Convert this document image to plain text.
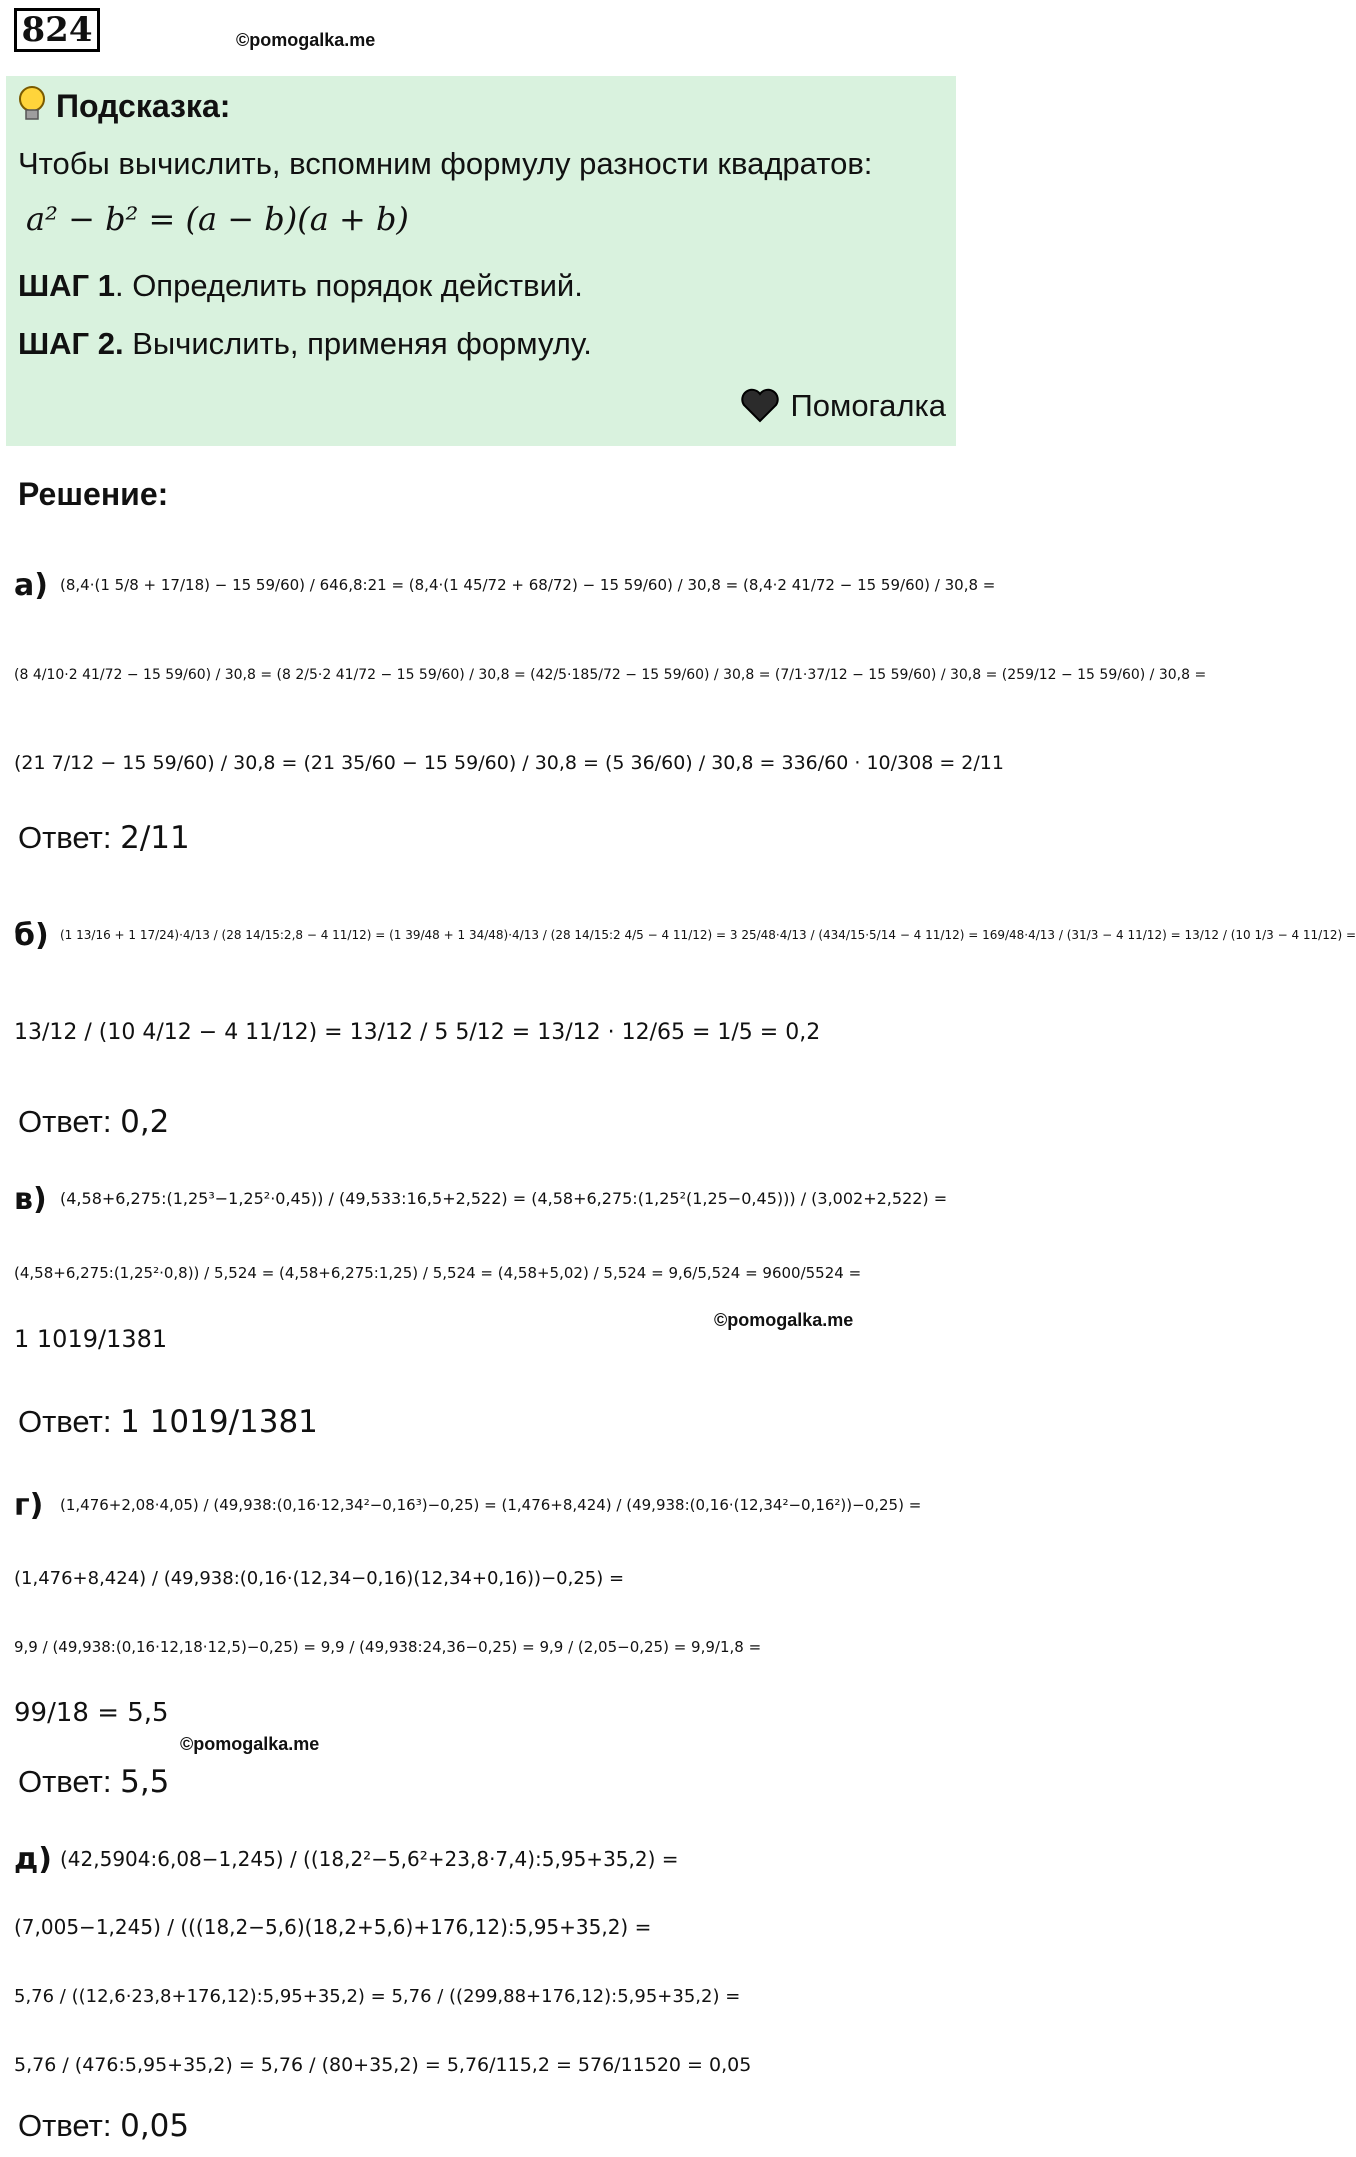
824	©pomogalka.me
Подсказка:
Чтобы вычислить, вспомним формулу разности квадратов:
a² − b² = (a − b)(a + b)
ШАГ 1. Определить порядок действий.
ШАГ 2. Вычислить, применяя формулу.
Помогалка
Решение:
а) (8,4·(1 5/8 + 17/18) − 15 59/60) / 646,8:21 = (8,4·(1 45/72 + 68/72) − 15 59/60) / 30,8 = (8,4·2 41/72 − 15 59/60) / 30,8 =
(8 4/10·2 41/72 − 15 59/60) / 30,8 = (8 2/5·2 41/72 − 15 59/60) / 30,8 = (42/5·185/72 − 15 59/60) / 30,8 = (7/1·37/12 − 15 59/60) / 30,8 = (259/12 − 15 59/60) / 30,8 =
(21 7/12 − 15 59/60) / 30,8 = (21 35/60 − 15 59/60) / 30,8 = (5 36/60) / 30,8 = 336/60 · 10/308 = 2/11
Ответ: 2/11
б) (1 13/16 + 1 17/24)·4/13 / (28 14/15:2,8 − 4 11/12) = (1 39/48 + 1 34/48)·4/13 / (28 14/15:2 4/5 − 4 11/12) = 3 25/48·4/13 / (434/15·5/14 − 4 11/12) = 169/48·4/13 / (31/3 − 4 11/12) = 13/12 / (10 1/3 − 4 11/12) =
13/12 / (10 4/12 − 4 11/12) = 13/12 / 5 5/12 = 13/12 · 12/65 = 1/5 = 0,2
Ответ: 0,2
в) (4,58+6,275:(1,25³−1,25²·0,45)) / (49,533:16,5+2,522) = (4,58+6,275:(1,25²(1,25−0,45))) / (3,002+2,522) =
(4,58+6,275:(1,25²·0,8)) / 5,524 = (4,58+6,275:1,25) / 5,524 = (4,58+5,02) / 5,524 = 9,6/5,524 = 9600/5524 =
©pomogalka.me
1 1019/1381
Ответ: 1 1019/1381
г) (1,476+2,08·4,05) / (49,938:(0,16·12,34²−0,16³)−0,25) = (1,476+8,424) / (49,938:(0,16·(12,34²−0,16²))−0,25) =
(1,476+8,424) / (49,938:(0,16·(12,34−0,16)(12,34+0,16))−0,25) =
9,9 / (49,938:(0,16·12,18·12,5)−0,25) = 9,9 / (49,938:24,36−0,25) = 9,9 / (2,05−0,25) = 9,9/1,8 =
99/18 = 5,5
©pomogalka.me
Ответ: 5,5
д) (42,5904:6,08−1,245) / ((18,2²−5,6²+23,8·7,4):5,95+35,2) =
(7,005−1,245) / (((18,2−5,6)(18,2+5,6)+176,12):5,95+35,2) =
5,76 / ((12,6·23,8+176,12):5,95+35,2) = 5,76 / ((299,88+176,12):5,95+35,2) =
5,76 / (476:5,95+35,2) = 5,76 / (80+35,2) = 5,76/115,2 = 576/11520 = 0,05
Ответ: 0,05
